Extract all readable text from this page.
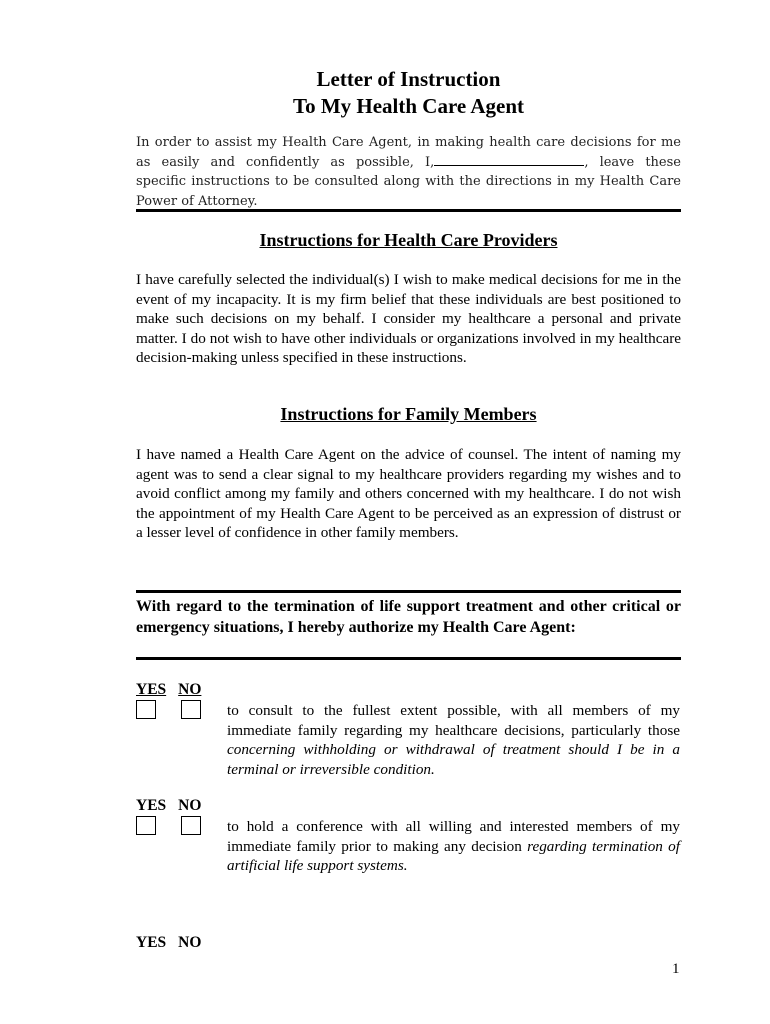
Letter of Instruction
To My Health Care Agent
In order to assist my Health Care Agent, in making health care decisions for me
as easily and confidently as possible, I,	, leave these
specific instructions to be consulted along with the directions in my Health Care
Power of Attorney.
Instructions for Health Care Providers
I have carefully selected the individual(s) I wish to make medical decisions for me in the event of my incapacity. It is my firm belief that these individuals are best positioned to make such decisions on my behalf. I consider my healthcare a personal and private matter. I do not wish to have other individuals or organizations involved in my healthcare decision-making unless specified in these instructions.
Instructions for Family Members
I have named a Health Care Agent on the advice of counsel. The intent of naming my agent was to send a clear signal to my healthcare providers regarding my wishes and to avoid conflict among my family and others concerned with my healthcare. I do not wish the appointment of my Health Care Agent to be perceived as an expression of distrust or a lesser level of confidence in other family members.
With regard to the termination of life support treatment and other critical or emergency situations, I hereby authorize my Health Care Agent:
YES NO
to consult to the fullest extent possible, with all members of my immediate family regarding my healthcare decisions, particularly those concerning withholding or withdrawal of treatment should I be in a terminal or irreversible condition.
YES NO
to hold a conference with all willing and interested members of my immediate family prior to making any decision regarding termination of artificial life support systems.
YES NO
1
